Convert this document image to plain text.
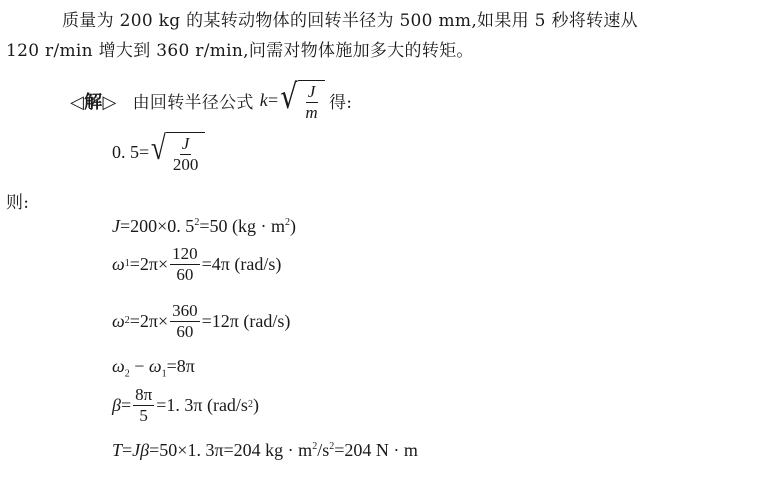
质量为 200 kg 的某转动物体的回转半径为 500 mm,如果用 5 秒将转速从
120 r/min 增大到 360 r/min,问需对物体施加多大的转矩。
◁解▷ 由回转半径公式 k = √ $\frac{J}{m}$ 得:
0. 5= √ $\frac{J}{200}$
则:
J=200×0. $5^2=50$ $(kg \cdot m^2)$
ω $1 =2\pi\times \frac{120}{60} =4\pi$ (rad/s)
ω $2 =2\pi\times \frac{360}{60} =12\pi$ (rad/s)
$\omega_2 - \omega_1=8\pi$
$\beta = \frac{8\pi}{5} =1$. 3π (rad/s 2 )
T=Jβ=50×1. 3π=204 kg · $m^2/s^2=204$ N · m
